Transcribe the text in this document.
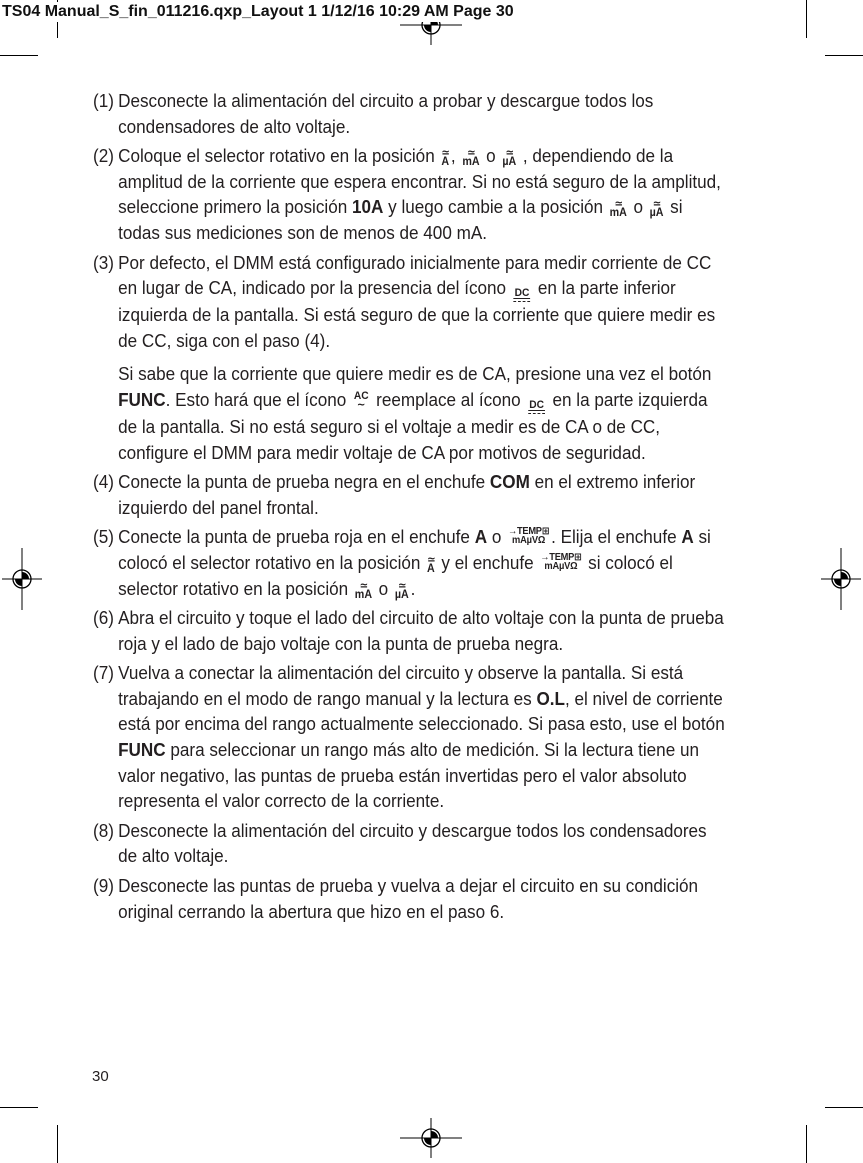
TS04 Manual_S_fin_011216.qxp_Layout 1 1/12/16 10:29 AM Page 30
(1) Desconecte la alimentación del circuito a probar y descargue todos los condensadores de alto voltaje.
(2) Coloque el selector rotativo en la posición ≃
A ,	≃
mA o ≃
µA , dependiendo de la amplitud de la corriente que espera encontrar. Si no está seguro de la amplitud, seleccione primero la posición 10A y luego cambie a la posición	≃
mA o ≃
µA si todas sus mediciones son de menos de 400 mA.
(3) Por defecto, el DMM está configurado inicialmente para medir corriente de CC en lugar de CA, indicado por la presencia del ícono DC en la parte inferior izquierda de la pantalla. Si está seguro de que la corriente que quiere medir es de CC, siga con el paso (4).
Si sabe que la corriente que quiere medir es de CA, presione una vez el botón FUNC. Esto hará que el ícono AC
∼ reemplace al ícono DC en la parte izquierda de la pantalla. Si no está seguro si el voltaje a medir es de CA o de CC, configure el DMM para medir voltaje de CA por motivos de seguridad.
(4) Conecte la punta de prueba negra en el enchufe COM en el extremo inferior izquierdo del panel frontal.
(5) Conecte la punta de prueba roja en el enchufe A o →TEMP⊞
mAµVΩ . Elija el enchufe A si colocó el selector rotativo en la posición ≃
A y el enchufe →TEMP⊞
mAµVΩ si colocó el selector rotativo en la posición	≃
mA o ≃
µA .
(6) Abra el circuito y toque el lado del circuito de alto voltaje con la punta de prueba roja y el lado de bajo voltaje con la punta de prueba negra.
(7) Vuelva a conectar la alimentación del circuito y observe la pantalla. Si está trabajando en el modo de rango manual y la lectura es O.L, el nivel de corriente está por encima del rango actualmente seleccionado. Si pasa esto, use el botón FUNC para seleccionar un rango más alto de medición. Si la lectura tiene un valor negativo, las puntas de prueba están invertidas pero el valor absoluto representa el valor correcto de la corriente.
(8) Desconecte la alimentación del circuito y descargue todos los condensadores de alto voltaje.
(9) Desconecte las puntas de prueba y vuelva a dejar el circuito en su condición original cerrando la abertura que hizo en el paso 6.
30
